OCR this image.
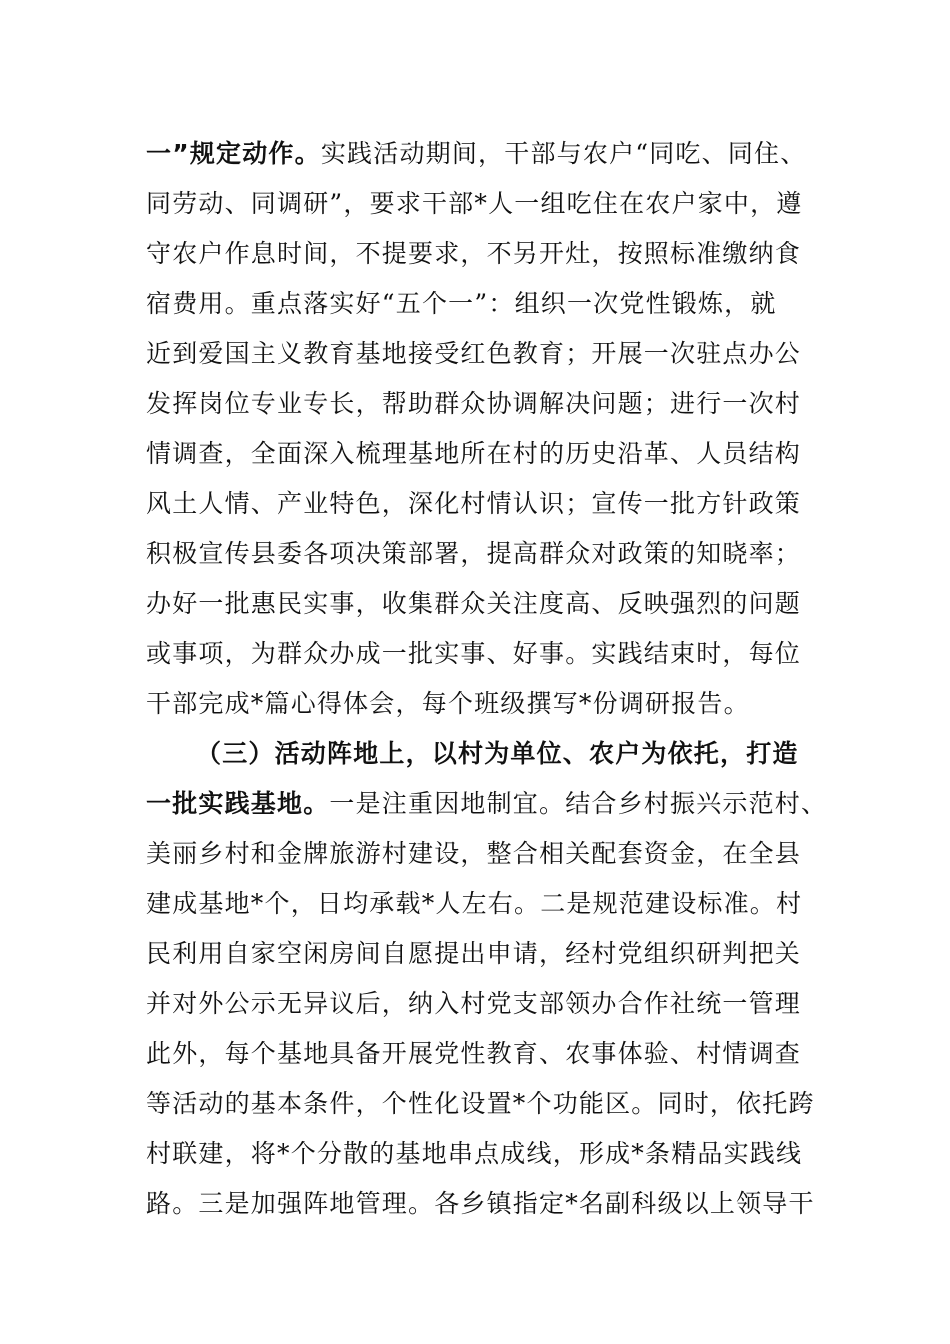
一”规定动作。实践活动期间，干部与农户“同吃、同住、
同劳动、同调研”，要求干部*人一组吃住在农户家中，遵
守农户作息时间，不提要求，不另开灶，按照标准缴纳食
宿费用。重点落实好“五个一”：组织一次党性锻炼，就
近到爱国主义教育基地接受红色教育；开展一次驻点办公
发挥岗位专业专长，帮助群众协调解决问题；进行一次村
情调查，全面深入梳理基地所在村的历史沿革、人员结构
风土人情、产业特色，深化村情认识；宣传一批方针政策
积极宣传县委各项决策部署，提高群众对政策的知晓率；
办好一批惠民实事，收集群众关注度高、反映强烈的问题
或事项，为群众办成一批实事、好事。实践结束时，每位
干部完成*篇心得体会，每个班级撰写*份调研报告。
（三）活动阵地上，以村为单位、农户为依托，打造
一批实践基地。一是注重因地制宜。结合乡村振兴示范村、
美丽乡村和金牌旅游村建设，整合相关配套资金，在全县
建成基地*个，日均承载*人左右。二是规范建设标准。村
民利用自家空闲房间自愿提出申请，经村党组织研判把关
并对外公示无异议后，纳入村党支部领办合作社统一管理
此外，每个基地具备开展党性教育、农事体验、村情调查
等活动的基本条件，个性化设置*个功能区。同时，依托跨
村联建，将*个分散的基地串点成线，形成*条精品实践线
路。三是加强阵地管理。各乡镇指定*名副科级以上领导干
